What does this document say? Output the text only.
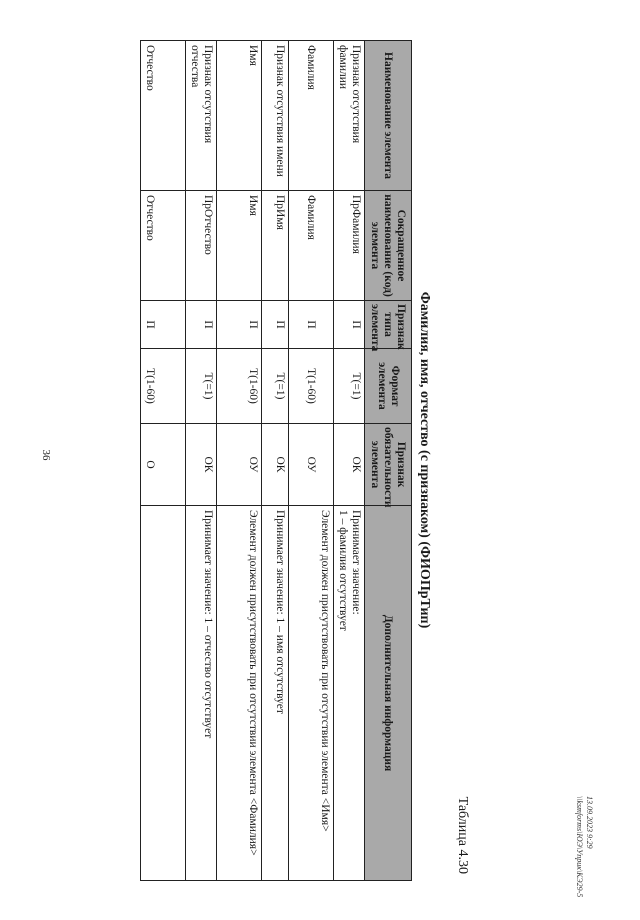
36
Таблица 4.30
Фамилия, имя, отчество (с признаком) (ФИОПрТип)
Наименование элемента	Сокращенное наименование (код) элемента	Признак типа элемента	Формат элемента	Признак обязательности элемента	Дополнительная информация
Признак отсутствия фамилии	ПрФамилия	П	T(=1)	ОК	Принимает значение:
1 – фамилия отсутствует

Фамилия	Фамилия	П	T(1-60)	ОУ	Элемент должен присутствовать при отсутствии элемента <Имя>
Признак отсутствия имени	ПрИмя	П	T(=1)	ОК	Принимает значение: 1 – имя отсутствует
Имя	Имя	П	T(1-60)	ОУ	Элемент должен присутствовать при отсутствии элемента <Фамилия>
Признак отсутствия отчества	ПрОтчество	П	T(=1)	ОК	Принимает значение: 1 – отчество отсутствует
Отчество	Отчество	П	T(1-60)	О	
13.09.2023 9:29
\\ksmforms\ЮЭ\Уприк\КЭ29-5
